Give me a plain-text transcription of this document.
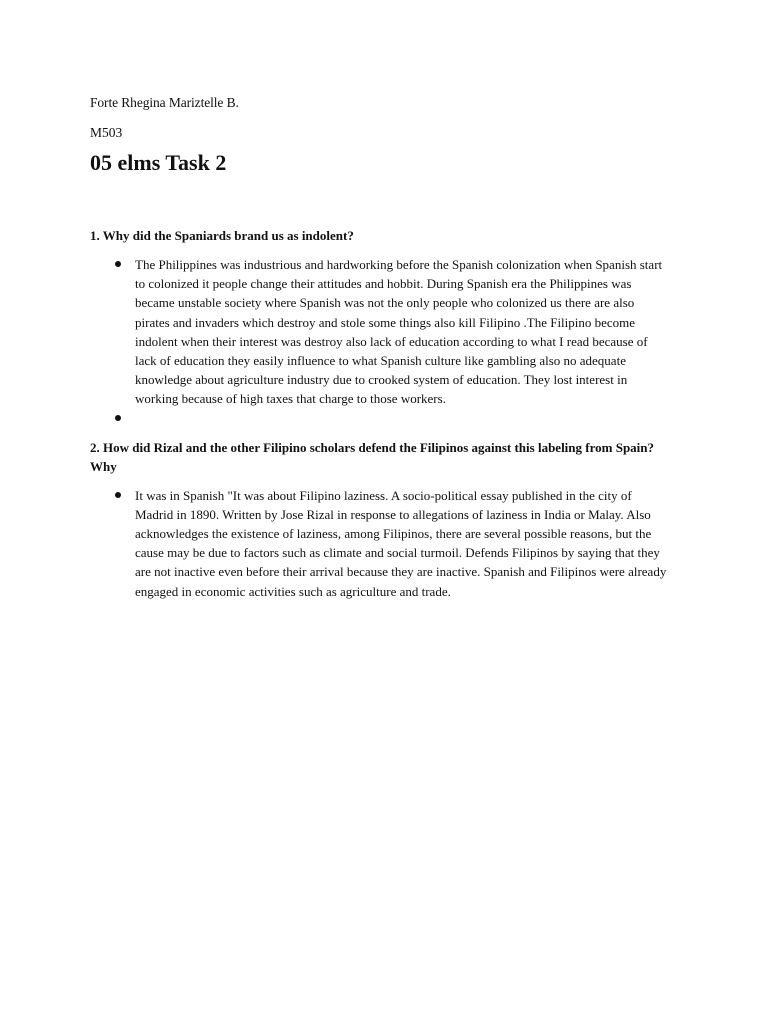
Forte Rhegina Mariztelle B.
M503
05 elms Task 2
1. Why did the Spaniards brand us as indolent?
The Philippines was industrious and hardworking before the Spanish colonization when Spanish start to colonized it people change their attitudes and hobbit. During Spanish era the Philippines was became unstable society where Spanish was not the only people who colonized us there are also pirates and invaders which destroy and stole some things also kill Filipino .The Filipino become indolent when their interest was destroy also lack of education according to what I read because of lack of education they easily influence to what Spanish culture like gambling also no adequate knowledge about agriculture industry due to crooked system of education. They lost interest in working because of high taxes that charge to those workers.
2. How did Rizal and the other Filipino scholars defend the Filipinos against this labeling from Spain? Why
It was in Spanish "It was about Filipino laziness. A socio-political essay published in the city of Madrid in 1890. Written by Jose Rizal in response to allegations of laziness in India or Malay. Also acknowledges the existence of laziness, among Filipinos, there are several possible reasons, but the cause may be due to factors such as climate and social turmoil. Defends Filipinos by saying that they are not inactive even before their arrival because they are inactive. Spanish and Filipinos were already engaged in economic activities such as agriculture and trade.
